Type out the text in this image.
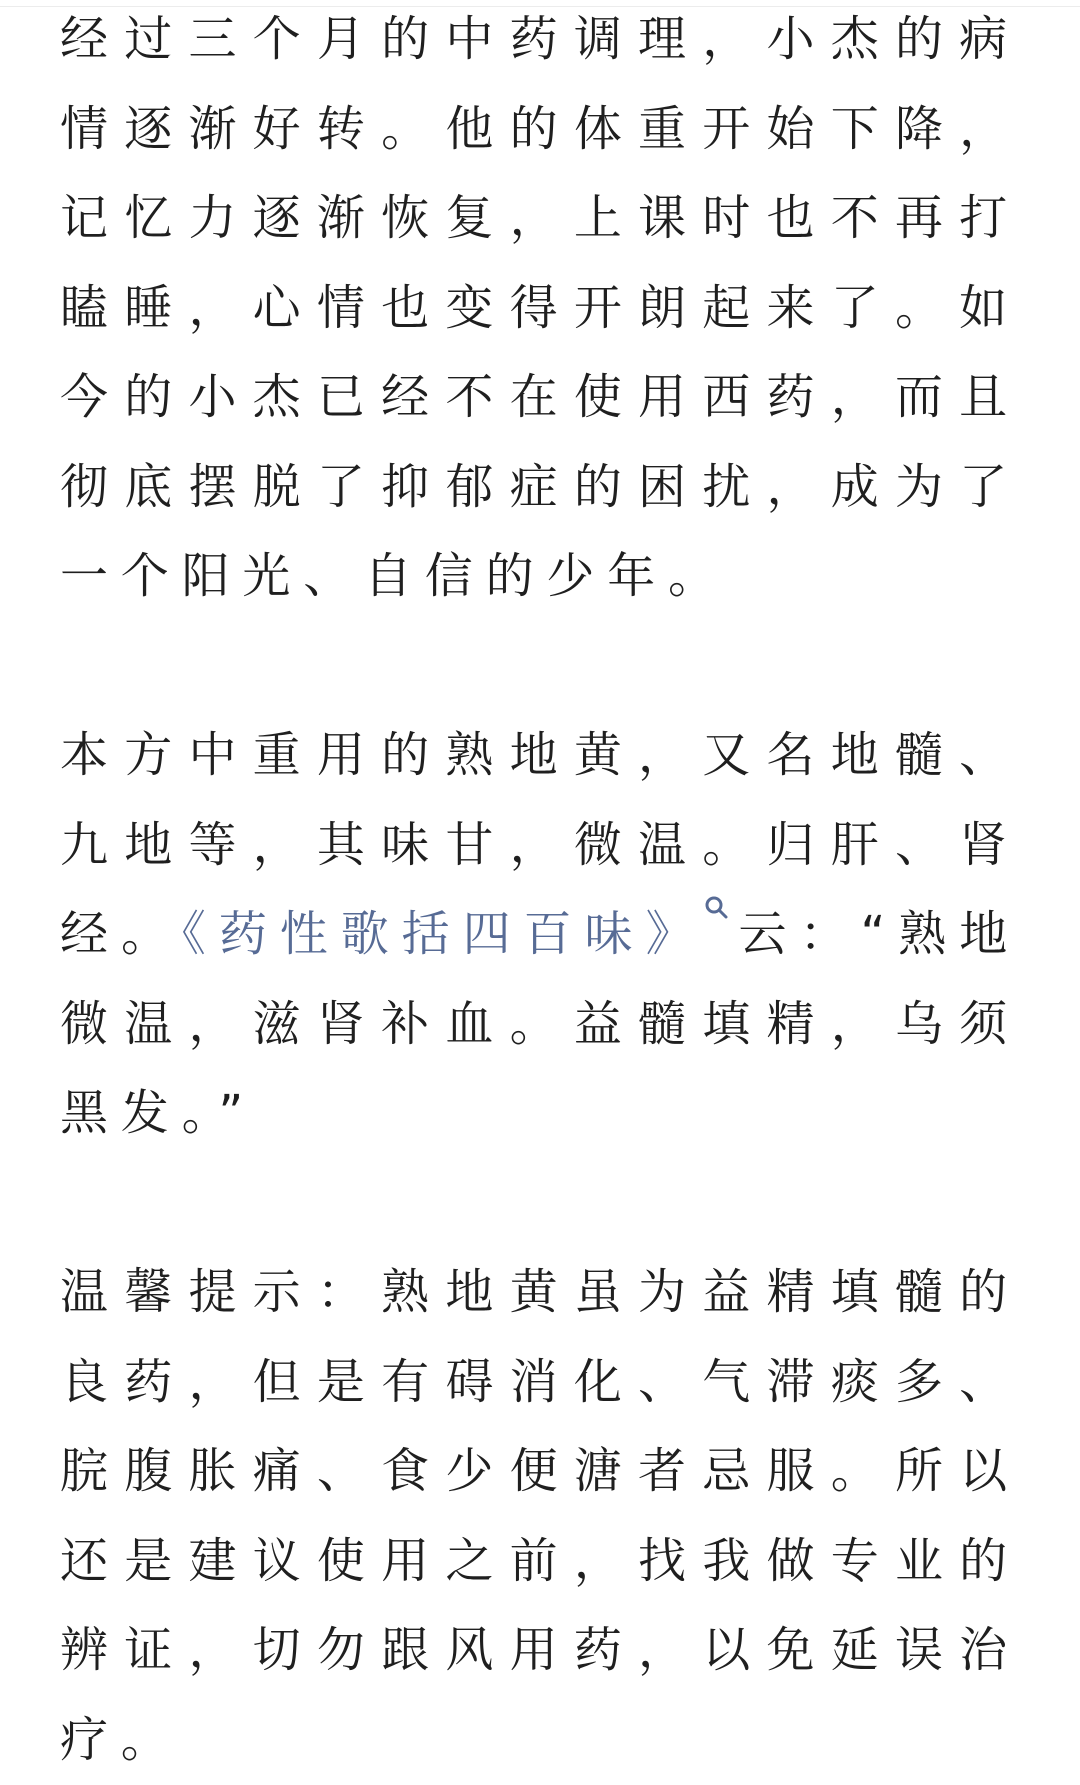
经过三个月的中药调理，小杰的病情逐渐好转。他的体重开始下降，记忆力逐渐恢复，上课时也不再打瞌睡，心情也变得开朗起来了。如今的小杰已经不在使用西药，而且彻底摆脱了抑郁症的困扰，成为了一个阳光、自信的少年。

本方中重用的熟地黄，又名地髓、九地等，其味甘，微温。归肝、肾经。《药性歌括四百味》 云：“熟地微温，滋肾补血。益髓填精，乌须黑发。”

温馨提示：熟地黄虽为益精填髓的良药，但是有碍消化、气滞痰多、脘腹胀痛、食少便溏者忌服。所以还是建议使用之前，找我做专业的辨证，切勿跟风用药，以免延误治疗。
